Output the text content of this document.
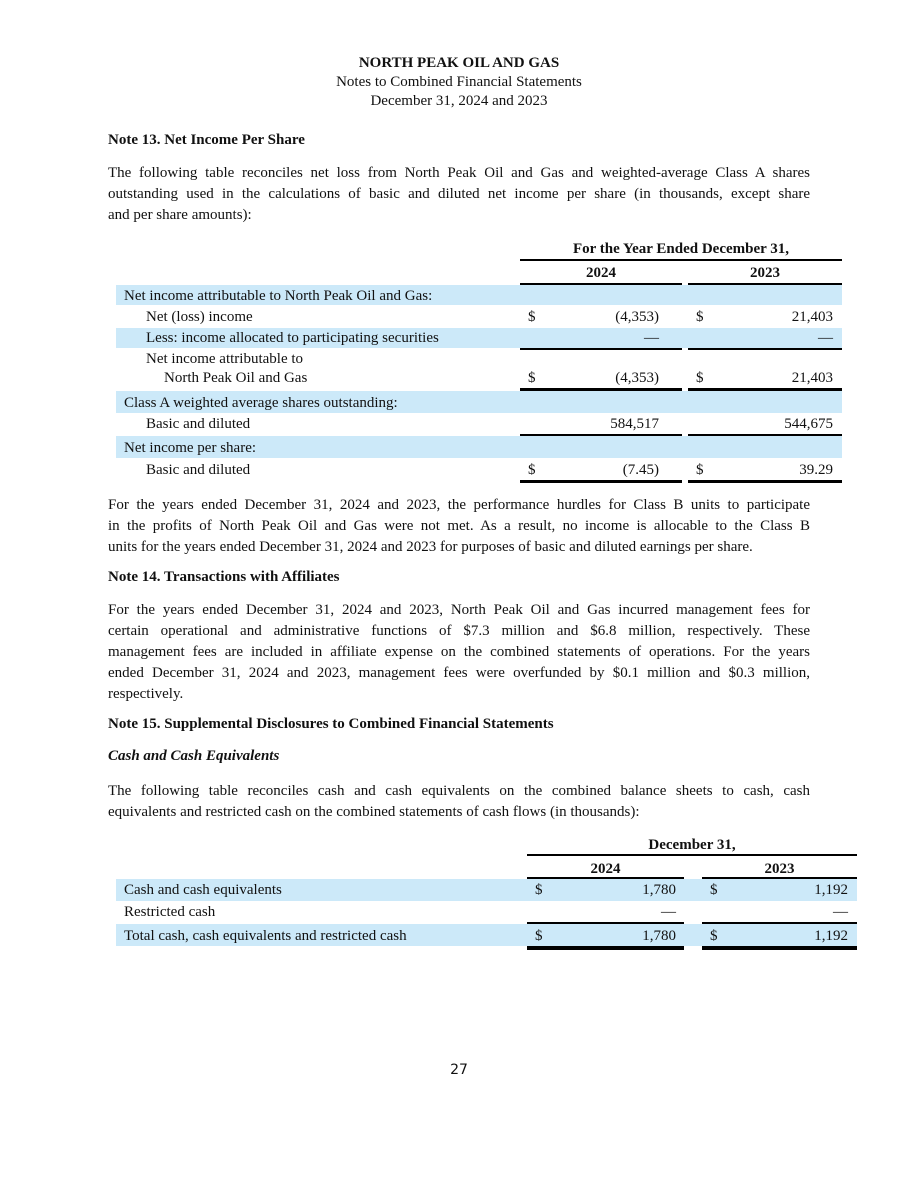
NORTH PEAK OIL AND GAS
Notes to Combined Financial Statements
December 31, 2024 and 2023
Note 13. Net Income Per Share
The following table reconciles net loss from North Peak Oil and Gas and weighted-average Class A shares
outstanding used in the calculations of basic and diluted net income per share (in thousands, except share
and per share amounts):
For the Year Ended December 31,
2024	2023
Net income attributable to North Peak Oil and Gas:
Net (loss) income	$	(4,353) $	21,403
Less: income allocated to participating securities	—	—
Net income attributable to
North Peak Oil and Gas	$	(4,353) $	21,403
Class A weighted average shares outstanding:
Basic and diluted	584,517	544,675
Net income per share:
Basic and diluted	$	(7.45) $	39.29
For the years ended December 31, 2024 and 2023, the performance hurdles for Class B units to participate
in the profits of North Peak Oil and Gas were not met. As a result, no income is allocable to the Class B
units for the years ended December 31, 2024 and 2023 for purposes of basic and diluted earnings per share.
Note 14. Transactions with Affiliates
For the years ended December 31, 2024 and 2023, North Peak Oil and Gas incurred management fees for
certain operational and administrative functions of $7.3 million and $6.8 million, respectively. These
management fees are included in affiliate expense on the combined statements of operations. For the years
ended December 31, 2024 and 2023, management fees were overfunded by $0.1 million and $0.3 million,
respectively.
Note 15. Supplemental Disclosures to Combined Financial Statements
Cash and Cash Equivalents
The following table reconciles cash and cash equivalents on the combined balance sheets to cash, cash
equivalents and restricted cash on the combined statements of cash flows (in thousands):
December 31,
2024	2023
Cash and cash equivalents	$	1,780 $	1,192
Restricted cash	—	—
Total cash, cash equivalents and restricted cash	$	1,780 $	1,192
27
